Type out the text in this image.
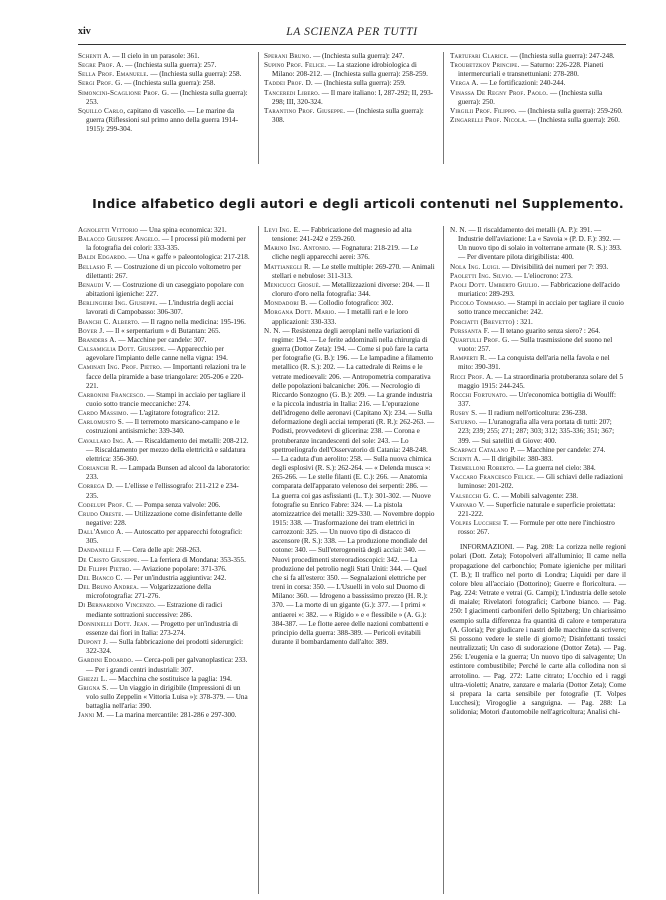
xiv	LA SCIENZA PER TUTTI

Schenti A. — Il cielo in un parasole: 361.

Segre Prof. A. — (Inchiesta sulla guerra): 257.

Sella Prof. Emanuele. — (Inchiesta sulla guerra): 258.

Sergi Prof. G. — (Inchiesta sulla guerra): 258.

Simoncini-Scaglione Prof. G. — (Inchiesta sulla guerra): 253.

Squillo Carlo, capitano di vascello. — Le marine da guerra (Riflessioni sul primo anno della guerra 1914-1915): 299-304.

Sperani Bruno. — (Inchiesta sulla guerra): 247.

Supino Prof. Felice. — La stazione idrobiologica di Milano: 208-212. — (Inchiesta sulla guerra): 258-259.

Taddei Prof. D. — (Inchiesta sulla guerra): 259.

Tanceredi Libero. — Il mare italiano: I, 287-292; II, 293-298; III, 320-324.

Tarantino Prof. Giuseppe. — (Inchiesta sulla guerra): 308.

Tartufari Clarice. — (Inchiesta sulla guerra): 247-248.

Troubetzkoy Principe. — Saturno: 226-228. Pianeti intermercuriali e transnettuniani: 278-280.

Verga A. — Le fortificazioni: 240-244.

Vinassa De Regny Prof. Paolo. — (Inchiesta sulla guerra): 250.

Virgilii Prof. Filippo. — (Inchiesta sulla guerra): 259-260.

Zingarelli Prof. Nicola. — (Inchiesta sulla guerra): 260.

Indice alfabetico degli autori e degli articoli contenuti nel Supplemento.

Agnoletti Vittorio — Una spina economica: 321.

Balacco Giuseppe Angelo. — I processi più moderni per la fotografia dei colori: 333-335.

Baldi Edgardo. — Una « gaffe » paleontologica: 217-218.

Bellasio F. — Costruzione di un piccolo voltometro per dilettanti: 267.

Benaudi V. — Costruzione di un caseggiato popolare con abitazioni igieniche: 227.

Berlingieri Ing. Giuseppe. — L'industria degli acciai lavorati di Campobasso: 306-307.

Bianchi C. Alberto. — Il ragno nella medicina: 195-196.

Boyer J. — Il « serpentarium » di Butantan: 265.

Branders A. — Macchine per candele: 307.

Calsamiglia Dott. Giuseppe. — Apparecchio per agevolare l'impianto delle canne nella vigna: 194.

Caminati Ing. Prof. Pietro. — Importanti relazioni tra le facce della piramide a base triangolare: 205-206 e 220-221.

Carbonini Francesco. — Stampi in acciaio per tagliare il cuoio sotto trancie meccaniche: 274.

Cardo Massimo. — L'agitatore fotografico: 212.

Carlomusto S. — Il terremoto marsicano-campano e le costruzioni antisismiche: 339-340.

Cavallaro Ing. A. — Riscaldamento dei metalli: 208-212. — Riscaldamento per mezzo della elettricità e saldatura elettrica: 356-360.

Corianchi R. — Lampada Bunsen ad alcool da laboratorio: 233.

Correga D. — L'ellisse e l'ellissografo: 211-212 e 234-235.

Codelupi Prof. C. — Pompa senza valvole: 206.

Crudo Oreste. — Utilizzazione come disinfettante delle negative: 228.

Dall'Amico A. — Autoscatto per apparecchi fotografici: 305.

Dandanelli F. — Cera delle api: 268-263.

De Cristo Giuseppe. — La ferriera di Mondana: 353-355.

De Filippi Pietro. — Aviazione popolare: 371-376.

Del Bianco C. — Per un'industria aggiuntiva: 242.

Del Bruno Andrea. — Volgarizzazione della microfotografia: 271-276.

Di Bernardino Vincenzo. — Estrazione di radici mediante sottrazioni successive: 286.

Donninelli Dott. Jean. — Progetto per un'industria di essenze dai fiori in Italia: 273-274.

Dupont J. — Sulla fabbricazione dei prodotti siderurgici: 322-324.

Gardini Edoardo. — Cerca-poli per galvanoplastica: 233. — Per i grandi centri industriali: 307.

Ghezzi L. — Macchina che sostituisce la paglia: 194.

Grigna S. — Un viaggio in dirigibile (Impressioni di un volo sullo Zeppelin « Vittoria Luisa »): 378-379. — Una battaglia nell'aria: 390.

Janni M. — La marina mercantile: 281-286 e 297-300.

Levi Ing. E. — Fabbricazione del magnesio ad alta tensione: 241-242 e 259-260.

Marino Ing. Antonio. — Fognatura: 218-219. — Le cliche negli apparecchi aerei: 376.

Mattianegli R. — Le stelle multiple: 269-270. — Animali stellari e nebulose: 311-313.

Menicucci Giosuè. — Metallizzazioni diverse: 204. — Il cloruro d'oro nella fotografia: 344.

Mondadori B. — Collodio fotografico: 302.

Morgana Dott. Mario. — I metalli rari e le loro applicazioni: 330-333.

N. N. — Resistenza degli aeroplani nelle variazioni di regime: 194. — Le ferite addominali nella chirurgia di guerra (Dottor Zeta): 194. — Come si può fare la carta per fotografie (G. B.): 196. — Le lampadine a filamento metallico (R. S.): 202. — La cattedrale di Reims e le vetrate medioevali: 206. — Antropometria comparativa delle popolazioni balcaniche: 206. — Necrologio di Riccardo Sonzogno (G. B.): 209. — La grande industria e la piccola industria in Italia: 216. — L'epurazione dell'idrogeno delle aeronavi (Capitano X): 234. — Sulla deformazione degli acciai temperati (R. R.): 262-263. — Podisti, provvedetevi di glicerina: 238. — Corona e protuberanze incandescenti del sole: 243. — Lo spettroeliografo dell'Osservatorio di Catania: 248-248. — La caduta d'un aerolito: 258. — Sulla nuova chimica degli esplosivi (R. S.): 262-264. — « Delenda musca »: 265-266. — Le stelle filanti (E. C.): 266. — Anatomia comparata dell'apparato velenoso dei serpenti: 286. — La guerra coi gas asfissianti (L. T.): 301-302. — Nuove fotografie su Enrico Fabre: 324. — La pistola atomizzatrice dei metalli: 329-330. — Novembre doppio 1915: 338. — Trasformazione dei tram elettrici in carrozzoni: 325. — Un nuovo tipo di distacco di ascensore (R. S.): 338. — La produzione mondiale del cotone: 340. — Sull'eterogeneità degli acciai: 340. — Nuovi procedimenti stereoradioscopici: 342. — La produzione del petrolio negli Stati Uniti: 344. — Quel che si fa all'estero: 350. — Segnalazioni elettriche per treni in corsa: 350. — L'Usuelli in volo sul Duomo di Milano: 360. — Idrogeno a bassissimo prezzo (H. R.): 370. — La morte di un gigante (G.): 377. — I primi « antiaerei »: 382. — « Rigido » e « flessibile » (A. G.): 384-387. — Le flotte aeree delle nazioni combattenti e principio della guerra: 388-389. — Pericoli evitabili durante il bombardamento dall'alto: 389.

N. N. — Il riscaldamento dei metalli (A. P.): 391. — Industrie dell'aviazione: La « Savoia » (P. D. F.): 392. — Un nuovo tipo di solaio in volterrane armate (R. S.): 393. — Per diventare pilota dirigibilista: 400.

Nola Ing. Luigi. — Divisibilità dei numeri per 7: 393.

Paoletti Ing. Silvio. — L'eliocrono: 273.

Paoli Dott. Umberto Giulio. — Fabbricazione dell'acido muriatico: 289-293.

Piccolo Tommaso. — Stampi in acciaio per tagliare il cuoio sotto trance meccaniche: 242.

Porciatti (Brevetto) : 321.

Purssanta F. — Il tetano guarito senza siero? : 264.

Quartulli Prof. G. — Sulla trasmissione del suono nel vuoto: 257.

Ramperti R. — La conquista dell'aria nella favola e nel mito: 390-391.

Ricci Prof. A. — La straordinaria protuberanza solare del 5 maggio 1915: 244-245.

Rocchi Fortunato. — Un'economica bottiglia di Woulff: 337.

Rusby S. — Il radium nell'orticoltura: 236-238.

Saturno. — L'uranografia alla vera portata di tutti: 207; 223; 239; 255; 271; 287; 303; 312; 335-336; 351; 367; 399. — Sui satelliti di Giove: 400.

Scarpaci Catalano P. — Macchine per candele: 274.

Scienti A. — Il dirigibile: 380-383.

Tremelloni Roberto. — La guerra nel cielo: 384.

Vaccaro Francesco Felice. — Gli schiavi delle radiazioni luminose: 201-202.

Valsecchi G. C. — Mobili salvagente: 238.

Varvaro V. — Superficie naturale e superficie proiettata: 221-222.

Volpes Lucchesi T. — Formule per otte nere l'inchiostro rosso: 267.

INFORMAZIONI. — Pag. 208: La corizza nelle regioni polari (Dott. Zeta); Fotopolveri all'alluminio; Il came nella propagazione del carbonchio; Pomate igieniche per militari (T. B.); Il traffico nel porto di Londra; Liquidi per dare il colore bleu all'acciaio (Dottorino); Guerre e floricoltura. — Pag. 224: Vetrate e vetrai (G. Campi); L'industria delle setole di maiale; Rivelatori fotografici; Carbone bianco. — Pag. 250: I giacimenti carboniferi dello Spitzberg; Un chiarissimo esempio sulla differenza fra quantità di calore e temperatura (A. Gloria); Per giudicare i nastri delle macchine da scrivere; Si possono vedere le stelle di giorno?; Disinfettanti tossici neutralizzati; Un caso di sudorazione (Dottor Zeta). — Pag. 256: L'eugenia e la guerra; Un nuovo tipo di salvagente; Un estintore combustibile; Perché le carte alla collodina non si arrotolino. — Pag. 272: Latte citrato; L'occhio ed i raggi ultra-violetti; Anatre, zanzare e malaria (Dottor Zeta); Come si prepara la carta sensibile per fotografie (T. Volpes Lucchesi); Virogoglie a sanguigna. — Pag. 288: La solidonia; Motori d'automobile nell'agricoltura; Analisi chi-
